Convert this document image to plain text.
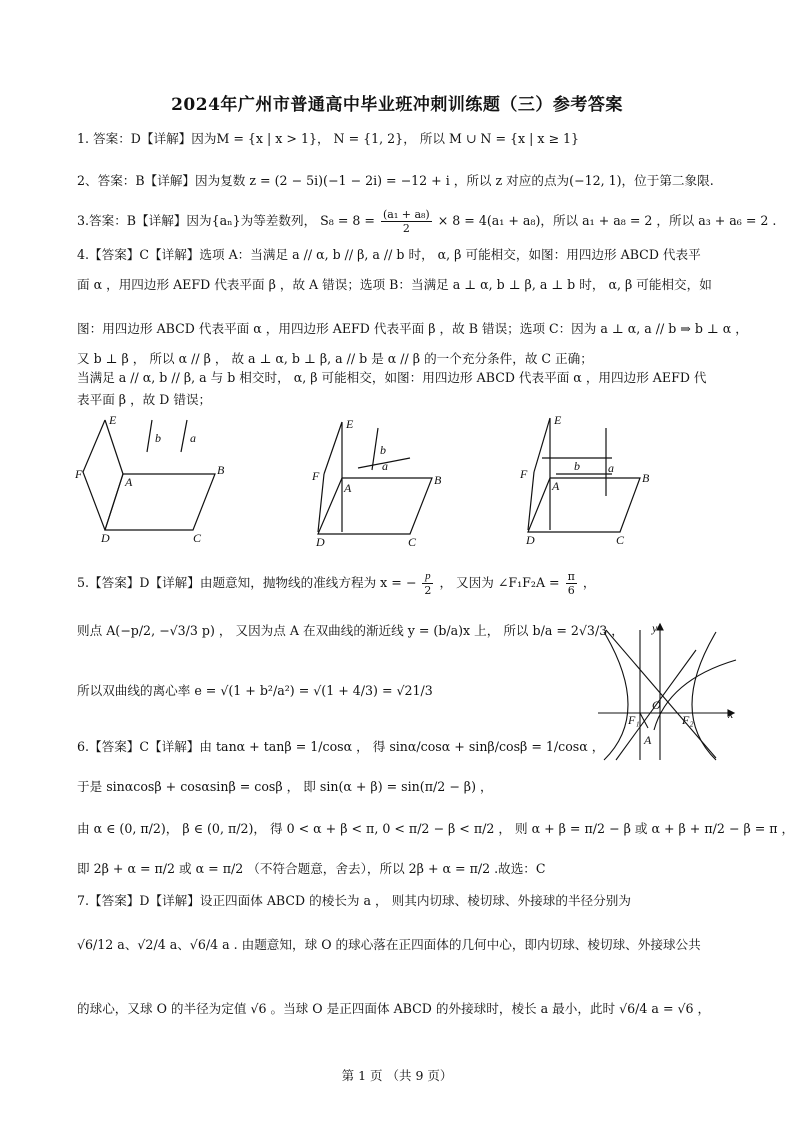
2024年广州市普通高中毕业班冲刺训练题（三）参考答案
1. 答案：D【详解】因为M = {x | x > 1}， N = {1, 2}， 所以 M ∪ N = {x | x ≥ 1}
2、答案：B【详解】因为复数 z = (2 − 5i)(−1 − 2i) = −12 + i ，所以 z 对应的点为(−12, 1)，位于第二象限.
3.答案：B【详解】因为{aₙ}为等差数列， $S_8 = 8 = \frac{\text{(a₁ + a₈)}}{2} \times 8 = 4(a_1 + a_8)$，所以 a₁ + a₈ = 2 ，所以 a₃ + a₆ = 2 .
4.【答案】C【详解】选项 A：当满足 a // α, b // β, a // b 时， α, β 可能相交，如图：用四边形 ABCD 代表平
面 α ，用四边形 AEFD 代表平面 β ，故 A 错误；选项 B：当满足 a ⊥ α, b ⊥ β, a ⊥ b 时， α, β 可能相交，如
图：用四边形 ABCD 代表平面 α ，用四边形 AEFD 代表平面 β ，故 B 错误；选项 C：因为 a ⊥ α, a // b ⇒ b ⊥ α ，
又 b ⊥ β ， 所以 α // β ， 故 a ⊥ α, b ⊥ β, a // b 是 α // β 的一个充分条件，故 C 正确；
当满足 a // α, b // β, a 与 b 相交时， α, β 可能相交，如图：用四边形 ABCD 代表平面 α ，用四边形 AEFD 代
表平面 β ，故 D 错误；
E
F
A
B
C
D
b a
E
F
A
B
C
D
b
a
E
F
A
B
C
D
b a
5.【答案】D【详解】由题意知，抛物线的准线方程为 x = − $\frac{p}{2}$ ， 又因为 ∠F₁F₂A = $\frac{\pi}{6}$ ，
则点 A(−p/2, −√3/3 p) ， 又因为点 A 在双曲线的渐近线 y = (b/a)x 上， 所以 b/a = 2√3/3 ，
所以双曲线的离心率 e = √(1 + b²/a²) = √(1 + 4/3) = √21/3
y
x
O
F₁	F₂
A
6.【答案】C【详解】由 tanα + tanβ = 1/cosα ， 得 sinα/cosα + sinβ/cosβ = 1/cosα ，
于是 sinαcosβ + cosαsinβ = cosβ ， 即 sin(α + β) = sin(π/2 − β) ，
由 α ∈ (0, π/2)， β ∈ (0, π/2)， 得 0 < α + β < π, 0 < π/2 − β < π/2 ， 则 α + β = π/2 − β 或 α + β + π/2 − β = π ，
即 2β + α = π/2 或 α = π/2 （不符合题意，舍去），所以 2β + α = π/2 .故选：C
7.【答案】D【详解】设正四面体 ABCD 的棱长为 a ， 则其内切球、棱切球、外接球的半径分别为
√6/12 a、√2/4 a、√6/4 a . 由题意知，球 O 的球心落在正四面体的几何中心，即内切球、棱切球、外接球公共
的球心，又球 O 的半径为定值 √6 。当球 O 是正四面体 ABCD 的外接球时，棱长 a 最小，此时 √6/4 a = √6 ，
第 1 页 （共 9 页）
